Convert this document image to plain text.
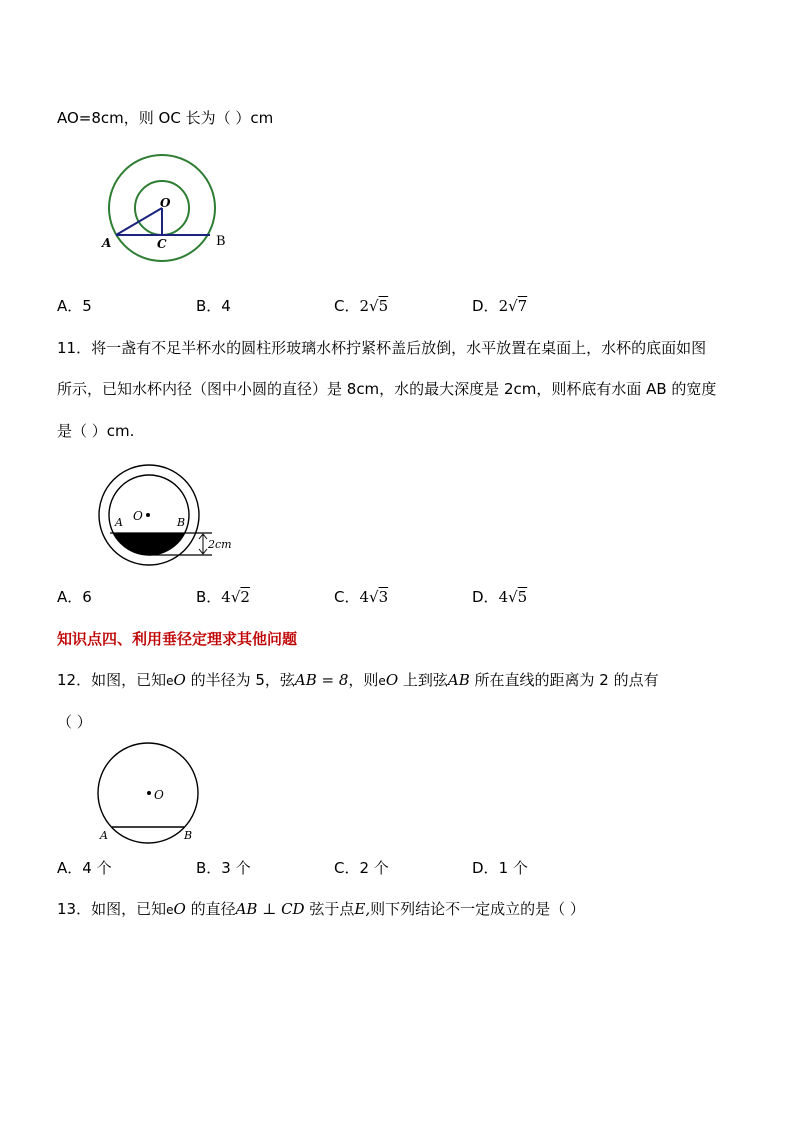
AO=8cm，则 OC 长为（ ）cm
O
A	C	B
A．5	B．4	C．2√5	D．2√7
11．将一盏有不足半杯水的圆柱形玻璃水杯拧紧杯盖后放倒，水平放置在桌面上，水杯的底面如图
所示，已知水杯内径（图中小圆的直径）是 8cm，水的最大深度是 2cm，则杯底有水面 AB 的宽度
是（ ）cm.
O
A	B
2cm
A．6	B．4√2	C．4√3	D．4√5
知识点四、利用垂径定理求其他问题
12．如图，已知eO 的半径为 5，弦AB = 8，则eO 上到弦AB 所在直线的距离为 2 的点有
（ ）
O
A	B
A．4 个	B．3 个	C．2 个	D．1 个
13．如图，已知eO 的直径AB ⊥ CD 弦于点E,则下列结论不一定成立的是（ ）
